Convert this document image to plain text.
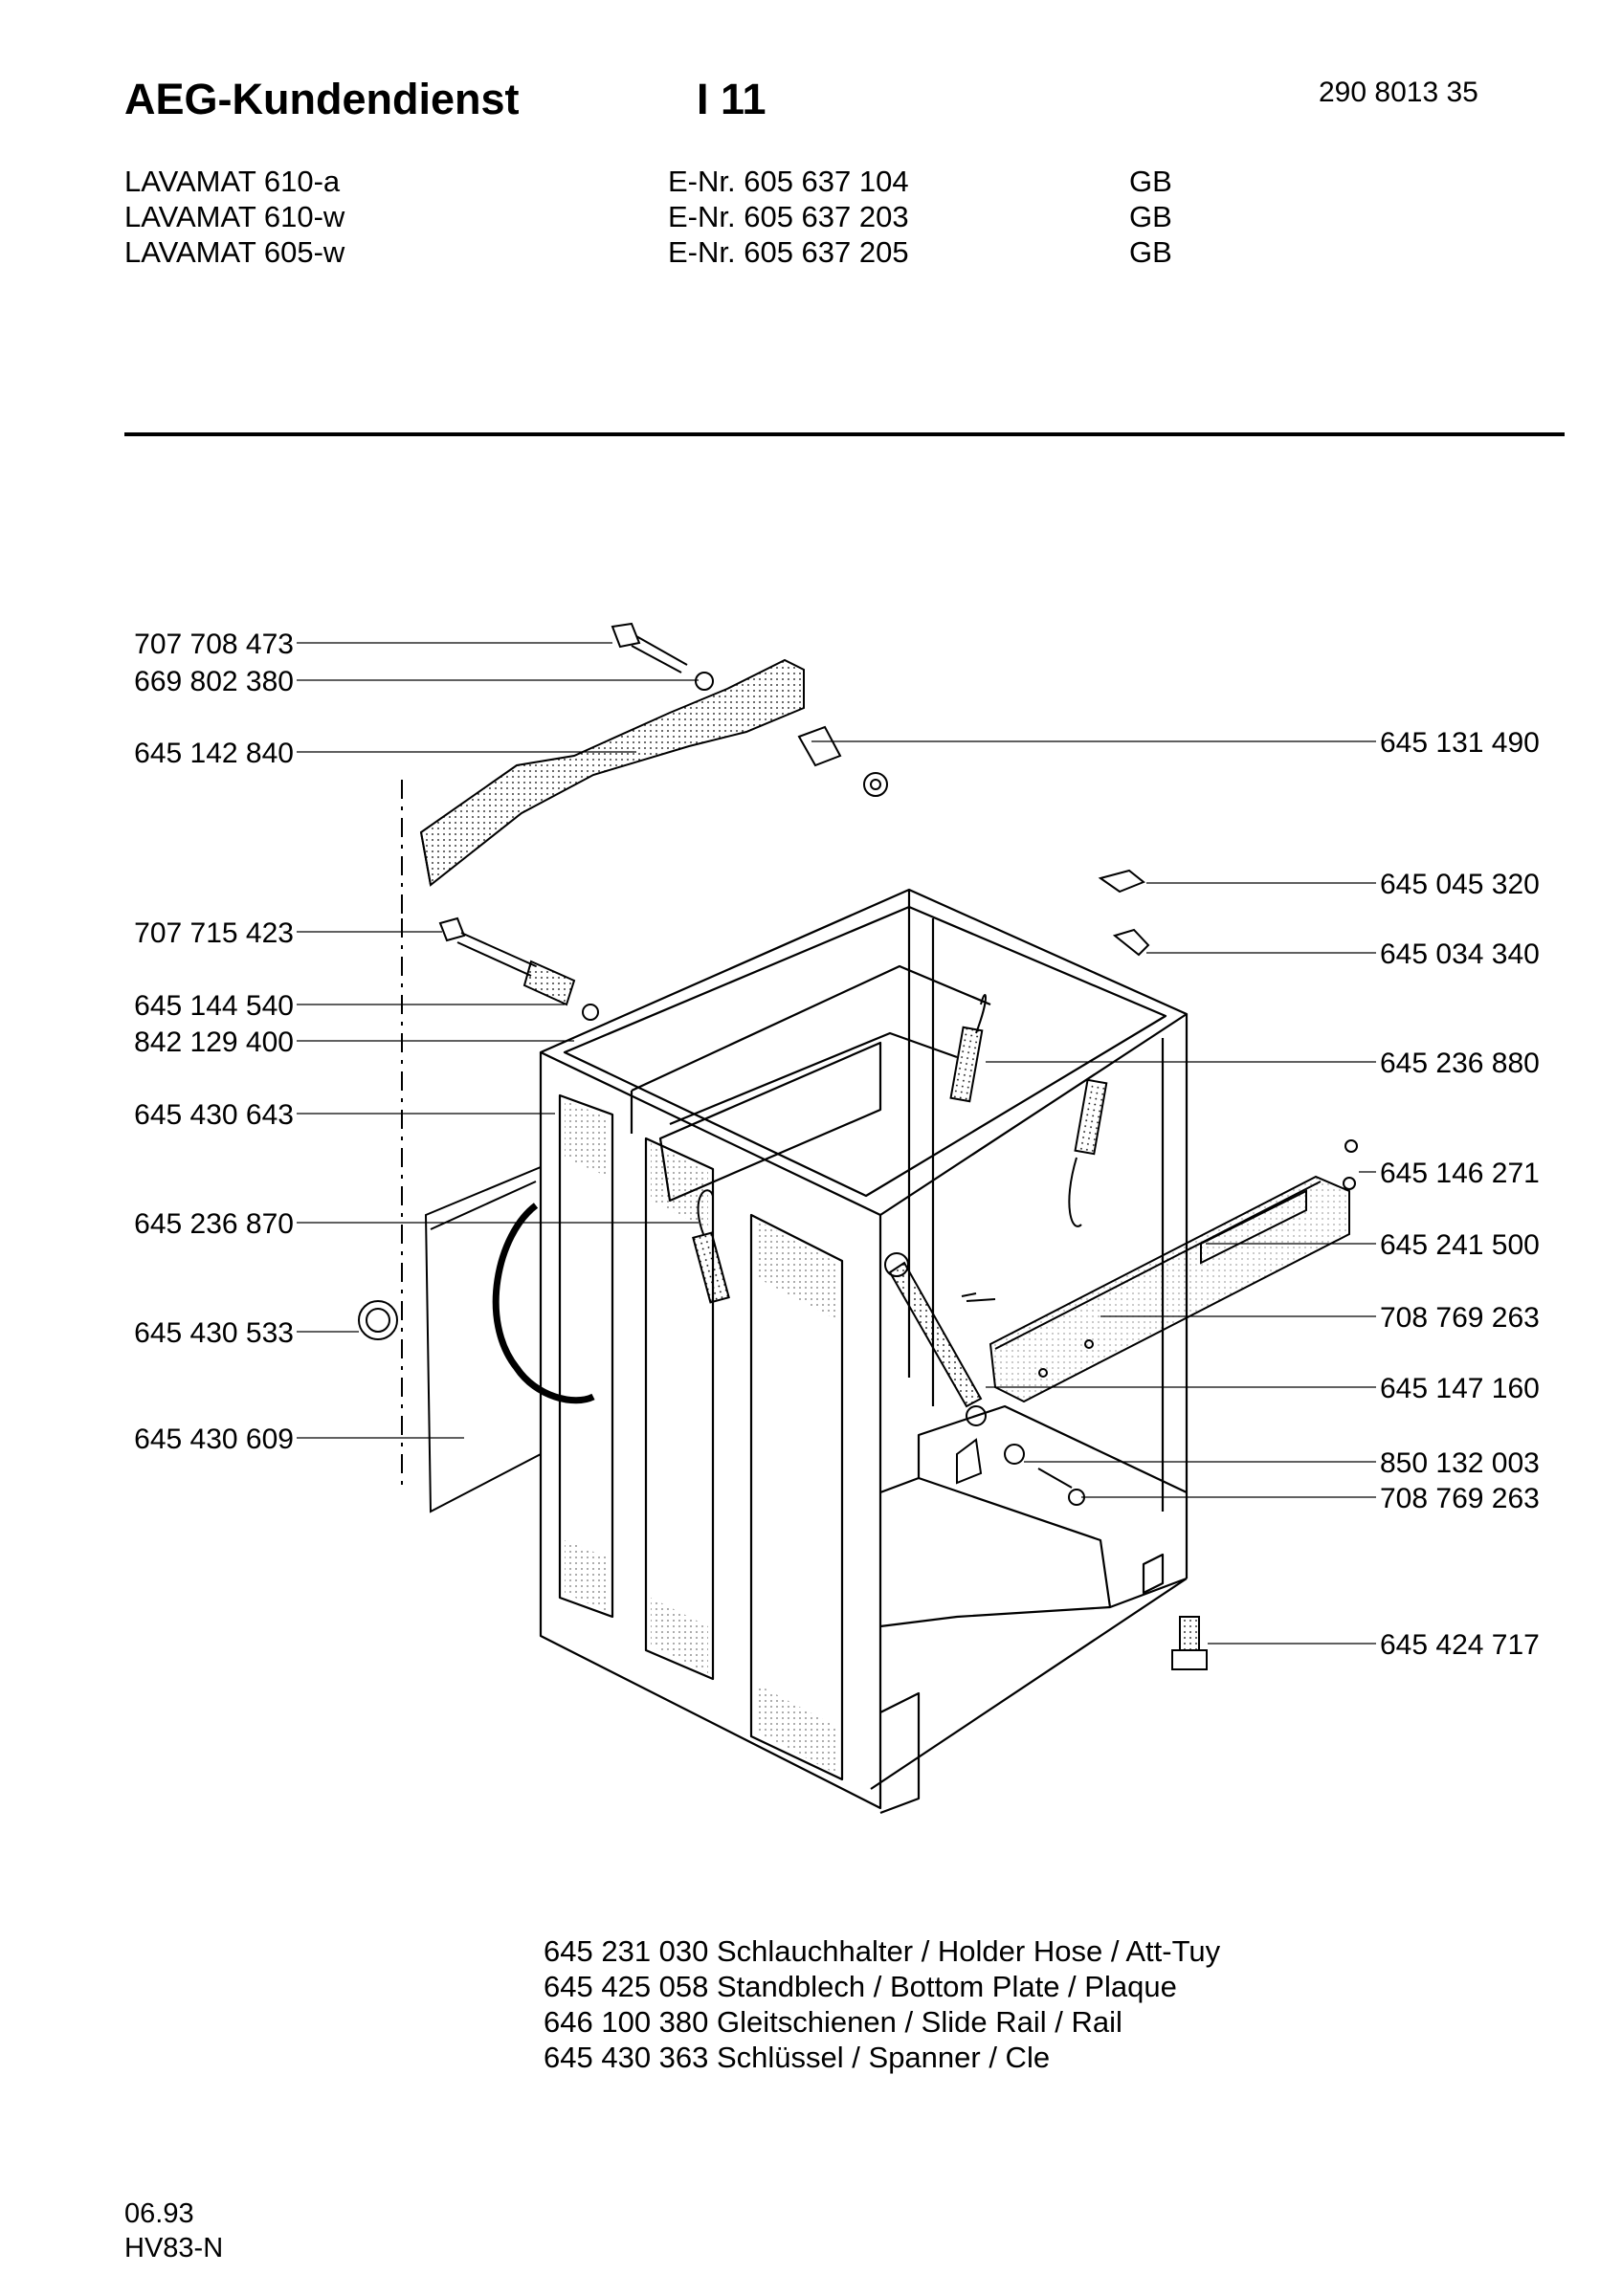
AEG-Kundendienst	I 11	290 8013 35
LAVAMAT 610-a	E-Nr. 605 637 104	GB
LAVAMAT 610-w	E-Nr. 605 637 203	GB
LAVAMAT 605-w	E-Nr. 605 637 205	GB
707 708 473
669 802 380
645 142 840
707 715 423
645 144 540
842 129 400
645 430 643
645 236 870
645 430 533
645 430 609
645 131 490
645 045 320
645 034 340
645 236 880
645 146 271
645 241 500
708 769 263
645 147 160
850 132 003
708 769 263
645 424 717
645 231 030 Schlauchhalter / Holder Hose / Att-Tuy
645 425 058 Standblech / Bottom Plate / Plaque
646 100 380 Gleitschienen / Slide Rail / Rail
645 430 363 Schlüssel / Spanner / Cle
06.93
HV83-N
